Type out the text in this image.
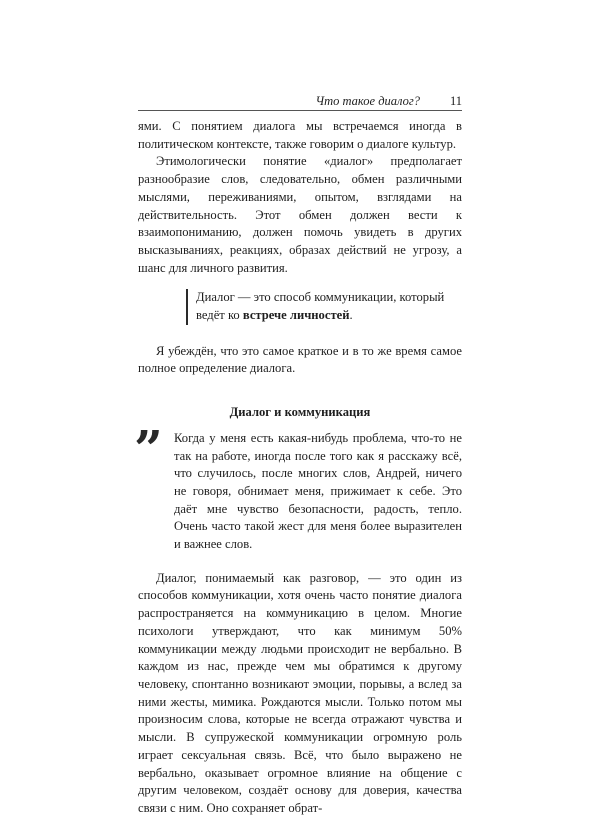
Что такое диалог? 11

ями. С понятием диалога мы встречаемся иногда в политическом контексте, также говорим о диалоге культур.

Этимологически понятие «диалог» предполагает разнообразие слов, следовательно, обмен различными мыслями, переживаниями, опытом, взглядами на действительность. Этот обмен должен вести к взаимопониманию, должен помочь увидеть в других высказываниях, реакциях, образах действий не угрозу, а шанс для личного развития.

Диалог — это способ коммуникации, который ведёт ко встрече личностей.

Я убеждён, что это самое краткое и в то же время самое полное определение диалога.

Диалог и коммуникация
” Когда у меня есть какая-нибудь проблема, что-то не так на работе, иногда после того как я расскажу всё, что случилось, после многих слов, Андрей, ничего не говоря, обнимает меня, прижимает к себе. Это даёт мне чувство безопасности, радость, тепло. Очень часто такой жест для меня более выразителен и важнее слов.

Диалог, понимаемый как разговор, — это один из способов коммуникации, хотя очень часто понятие диалога распространяется на коммуникацию в целом. Многие психологи утверждают, что как минимум 50% коммуникации между людьми происходит не вербально. В каждом из нас, прежде чем мы обратимся к другому человеку, спонтанно возникают эмоции, порывы, а вслед за ними жесты, мимика. Рождаются мысли. Только потом мы произносим слова, которые не всегда отражают чувства и мысли. В супружеской коммуникации огромную роль играет сексуальная связь. Всё, что было выражено не вербально, оказывает огромное влияние на общение с другим человеком, создаёт основу для доверия, качества связи с ним. Оно сохраняет обрат-
